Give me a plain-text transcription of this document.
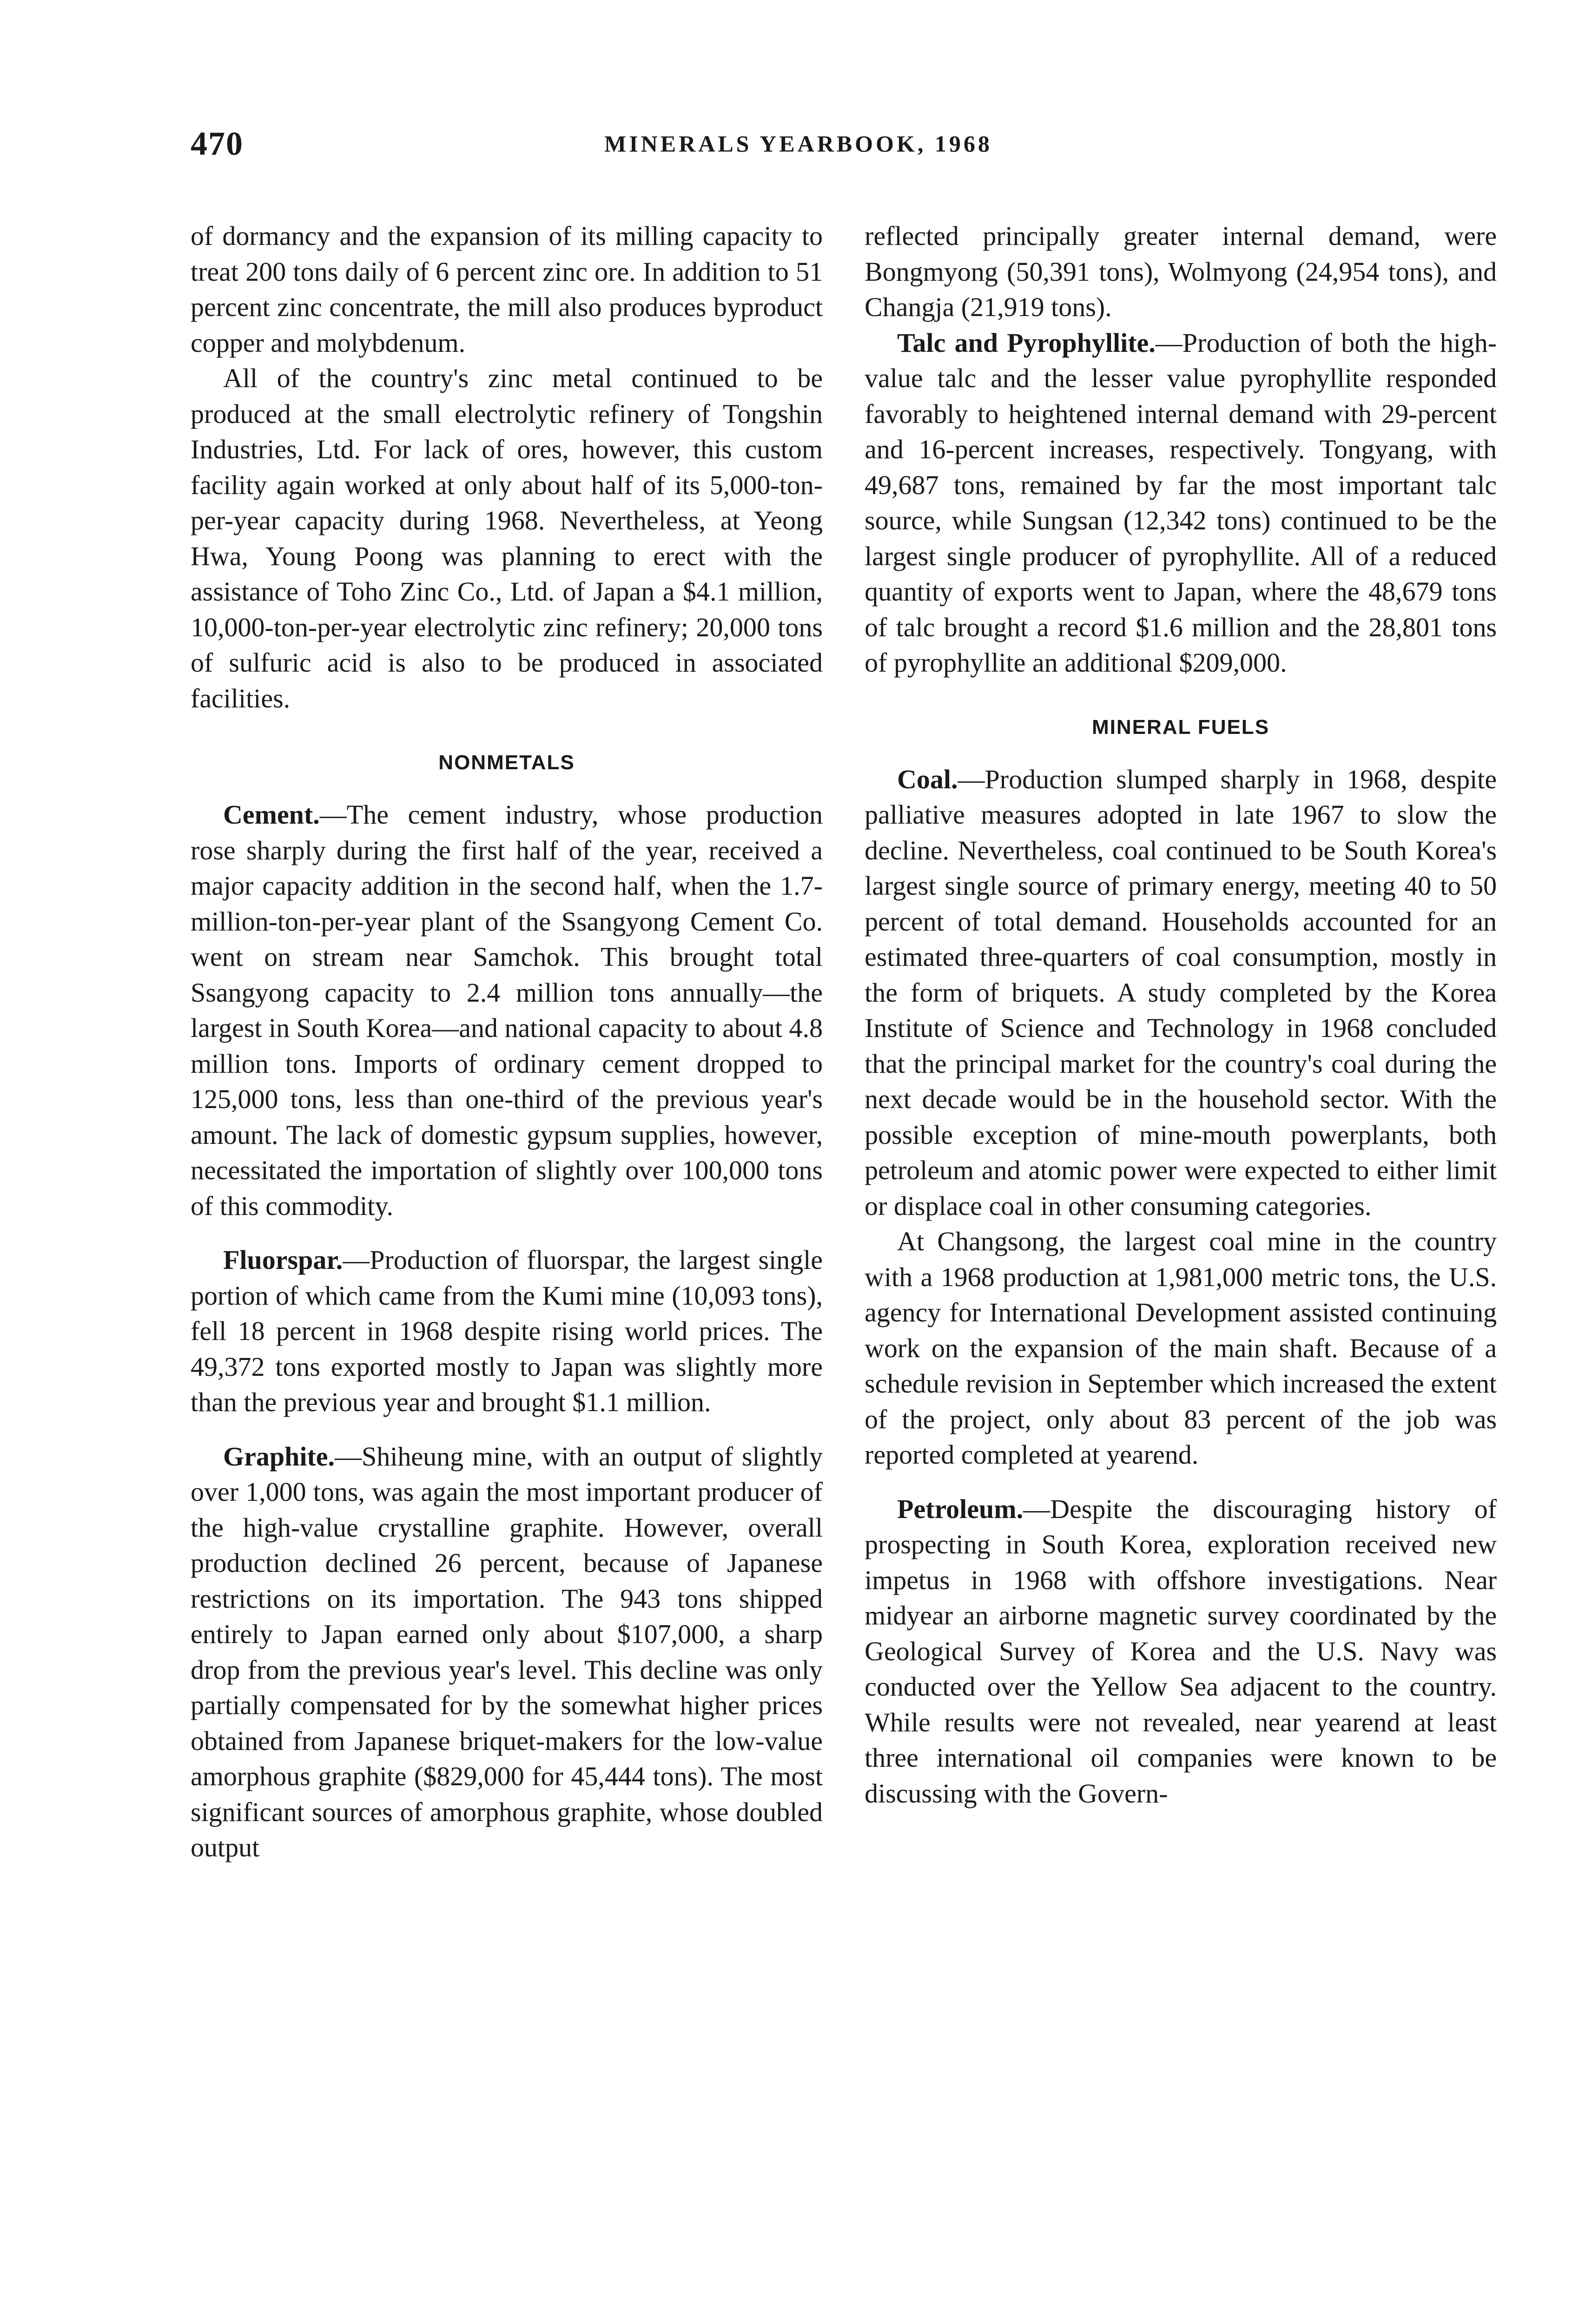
470	MINERALS YEARBOOK, 1968

of dormancy and the expansion of its milling capacity to treat 200 tons daily of 6 percent zinc ore. In addition to 51 percent zinc concentrate, the mill also produces byproduct copper and molybdenum.

All of the country's zinc metal continued to be produced at the small electrolytic refinery of Tongshin Industries, Ltd. For lack of ores, however, this custom facility again worked at only about half of its 5,000-ton-per-year capacity during 1968. Nevertheless, at Yeong Hwa, Young Poong was planning to erect with the assistance of Toho Zinc Co., Ltd. of Japan a $4.1 million, 10,000-ton-per-year electrolytic zinc refinery; 20,000 tons of sulfuric acid is also to be produced in associated facilities.

NONMETALS

Cement.—The cement industry, whose production rose sharply during the first half of the year, received a major capacity addition in the second half, when the 1.7-million-ton-per-year plant of the Ssangyong Cement Co. went on stream near Samchok. This brought total Ssangyong capacity to 2.4 million tons annually—the largest in South Korea—and national capacity to about 4.8 million tons. Imports of ordinary cement dropped to 125,000 tons, less than one-third of the previous year's amount. The lack of domestic gypsum supplies, however, necessitated the importation of slightly over 100,000 tons of this commodity.

Fluorspar.—Production of fluorspar, the largest single portion of which came from the Kumi mine (10,093 tons), fell 18 percent in 1968 despite rising world prices. The 49,372 tons exported mostly to Japan was slightly more than the previous year and brought $1.1 million.

Graphite.—Shiheung mine, with an output of slightly over 1,000 tons, was again the most important producer of the high-value crystalline graphite. However, overall production declined 26 percent, because of Japanese restrictions on its importation. The 943 tons shipped entirely to Japan earned only about $107,000, a sharp drop from the previous year's level. This decline was only partially compensated for by the somewhat higher prices obtained from Japanese briquet-makers for the low-value amorphous graphite ($829,000 for 45,444 tons). The most significant sources of amorphous graphite, whose doubled output

reflected principally greater internal demand, were Bongmyong (50,391 tons), Wolmyong (24,954 tons), and Changja (21,919 tons).

Talc and Pyrophyllite.—Production of both the high-value talc and the lesser value pyrophyllite responded favorably to heightened internal demand with 29-percent and 16-percent increases, respectively. Tongyang, with 49,687 tons, remained by far the most important talc source, while Sungsan (12,342 tons) continued to be the largest single producer of pyrophyllite. All of a reduced quantity of exports went to Japan, where the 48,679 tons of talc brought a record $1.6 million and the 28,801 tons of pyrophyllite an additional $209,000.

MINERAL FUELS

Coal.—Production slumped sharply in 1968, despite palliative measures adopted in late 1967 to slow the decline. Nevertheless, coal continued to be South Korea's largest single source of primary energy, meeting 40 to 50 percent of total demand. Households accounted for an estimated three-quarters of coal consumption, mostly in the form of briquets. A study completed by the Korea Institute of Science and Technology in 1968 concluded that the principal market for the country's coal during the next decade would be in the household sector. With the possible exception of mine-mouth powerplants, both petroleum and atomic power were expected to either limit or displace coal in other consuming categories.

At Changsong, the largest coal mine in the country with a 1968 production at 1,981,000 metric tons, the U.S. agency for International Development assisted continuing work on the expansion of the main shaft. Because of a schedule revision in September which increased the extent of the project, only about 83 percent of the job was reported completed at yearend.

Petroleum.—Despite the discouraging history of prospecting in South Korea, exploration received new impetus in 1968 with offshore investigations. Near midyear an airborne magnetic survey coordinated by the Geological Survey of Korea and the U.S. Navy was conducted over the Yellow Sea adjacent to the country. While results were not revealed, near yearend at least three international oil companies were known to be discussing with the Govern-
